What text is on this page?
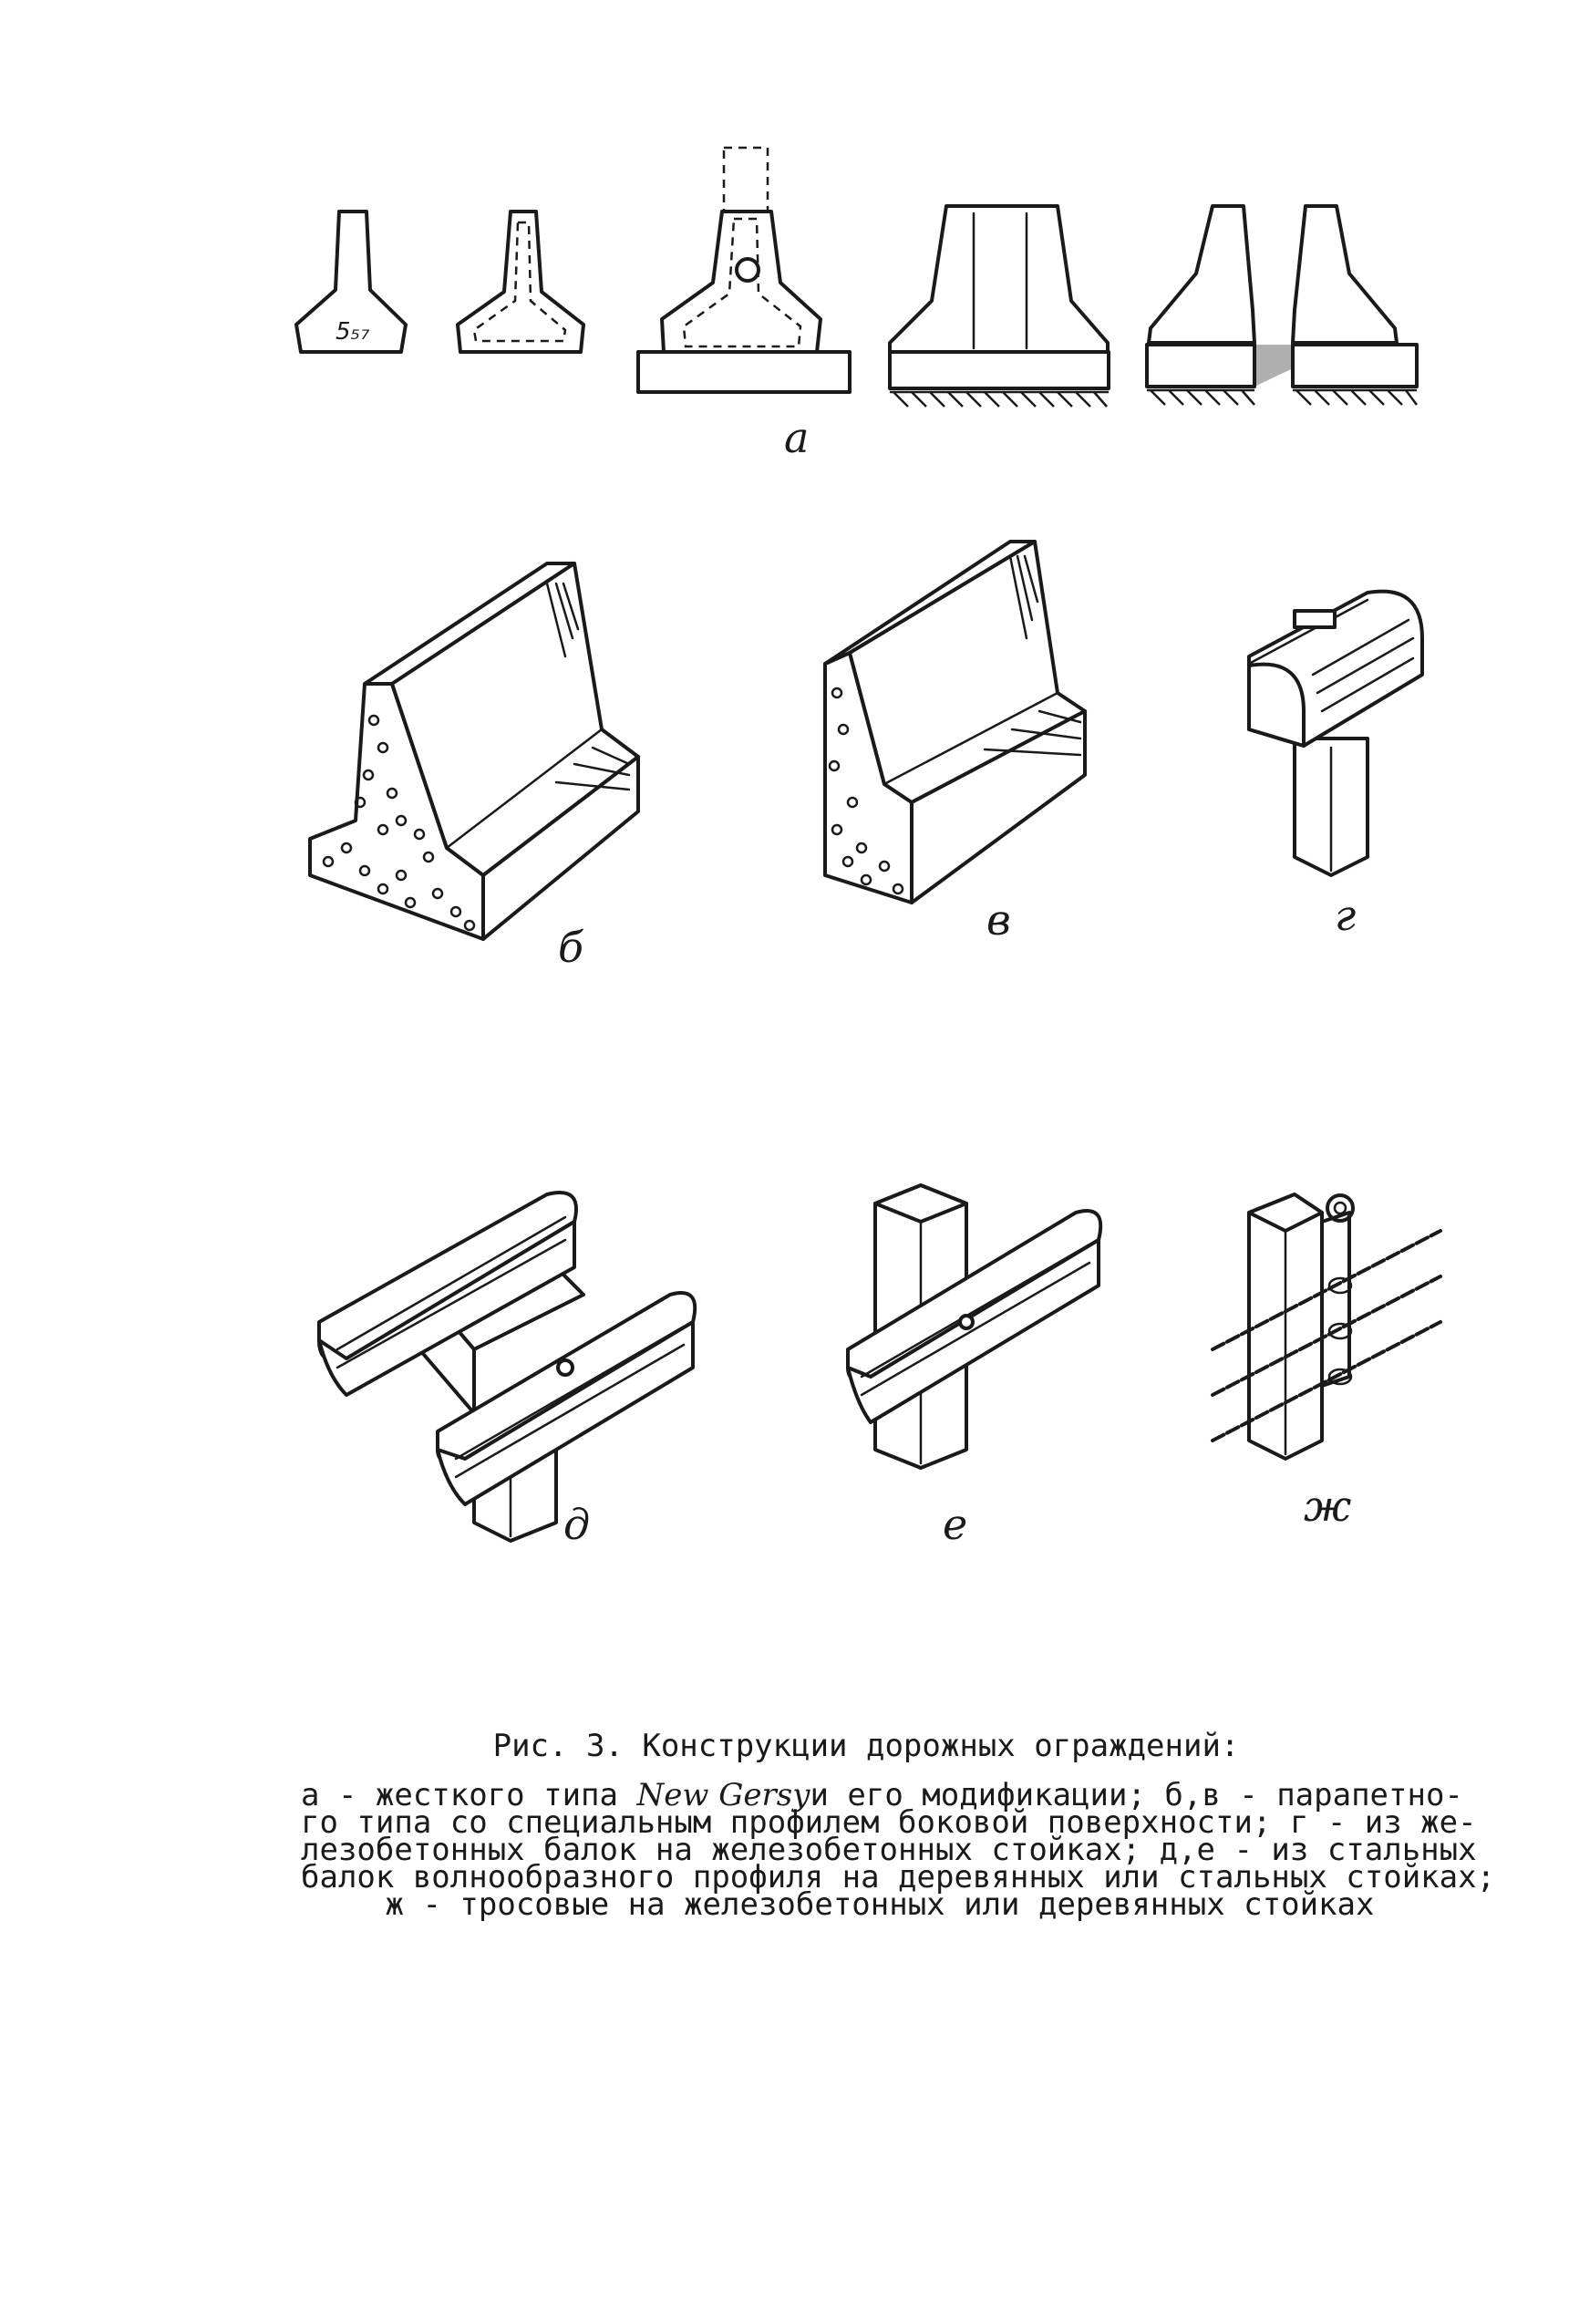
5₅₇
а
б
в	г
д	е	ж
Рис. 3. Конструкции дорожных ограждений:
а - жесткого типа New Gersyи его модификации; б,в - парапетно-
го типа со специальным профилем боковой поверхности; г - из же-
лезобетонных балок на железобетонных стойках; д,е - из стальных
балок волнообразного профиля на деревянных или стальных стойках;
ж - тросовые на железобетонных или деревянных стойках
